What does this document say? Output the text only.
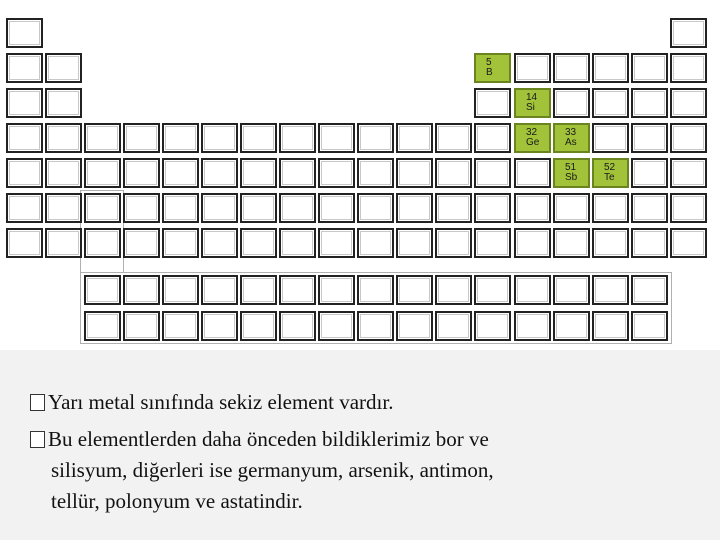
5
B
14
Si
32
Ge
33
As
51
Sb
52
Te
Yarı metal sınıfında sekiz element vardır.
Bu elementlerden daha önceden bildiklerimiz bor ve
silisyum, diğerleri ise germanyum, arsenik, antimon,
tellür, polonyum ve astatindir.
